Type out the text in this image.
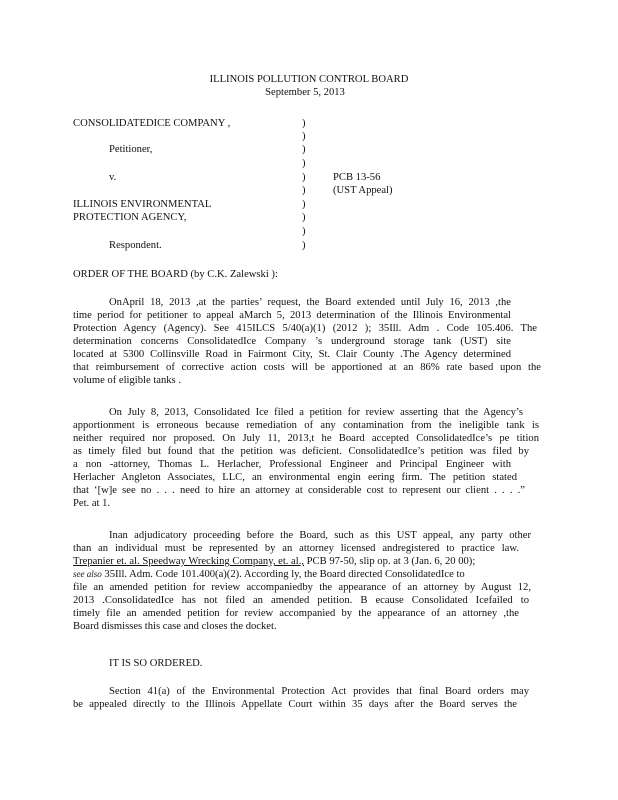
ILLINOIS POLLUTION CONTROL BOARD
September 5, 2013
CONSOLIDATEDICE COMPANY ,
Petitioner,
v.
ILLINOIS ENVIRONMENTAL
PROTECTION AGENCY,
Respondent.
PCB 13-56
(UST Appeal)
)
)
)
)
)
)
)
)
)
)
ORDER OF THE BOARD (by C.K. Zalewski ):
OnApril 18, 2013 ,at the parties’ request, the Board extended until July 16, 2013 ,the
time period for petitioner to appeal aMarch 5, 2013 determination of the Illinois Environmental
Protection Agency (Agency). See 415ILCS 5/40(a)(1) (2012 ); 35Ill. Adm . Code 105.406. The
determination concerns ConsolidatedIce Company ’s underground storage tank (UST) site
located at 5300 Collinsville Road in Fairmont City, St. Clair County .The Agency determined
that reimbursement of corrective action costs will be apportioned at an 86% rate based upon the
volume of eligible tanks .
On July 8, 2013, Consolidated Ice filed a petition for review asserting that the Agency’s
apportionment is erroneous because remediation of any contamination from the ineligible tank is
neither required nor proposed. On July 11, 2013,t he Board accepted ConsolidatedIce’s pe tition
as timely filed but found that the petition was deficient. ConsolidatedIce’s petition was filed by
a non -attorney, Thomas L. Herlacher, Professional Engineer and Principal Engineer with
Herlacher Angleton Associates, LLC, an environmental engin eering firm. The petition stated
that ‘[w]e see no . . . need to hire an attorney at considerable cost to represent our client . . . .”
Pet. at 1.
Inan adjudicatory proceeding before the Board, such as this UST appeal, any party other
than an individual must be represented by an attorney licensed andregistered to practice law.
Trepanier et. al. Speedway Wrecking Company, et. al., PCB 97-50, slip op. at 3 (Jan. 6, 20 00);
see also 35Ill. Adm. Code 101.400(a)(2). According ly, the Board directed ConsolidatedIce to
file an amended petition for review accompaniedby the appearance of an attorney by August 12,
2013 .ConsolidatedIce has not filed an amended petition. B ecause Consolidated Icefailed to
timely file an amended petition for review accompanied by the appearance of an attorney ,the
Board dismisses this case and closes the docket.
IT IS SO ORDERED.
Section 41(a) of the Environmental Protection Act provides that final Board orders may
be appealed directly to the Illinois Appellate Court within 35 days after the Board serves the
